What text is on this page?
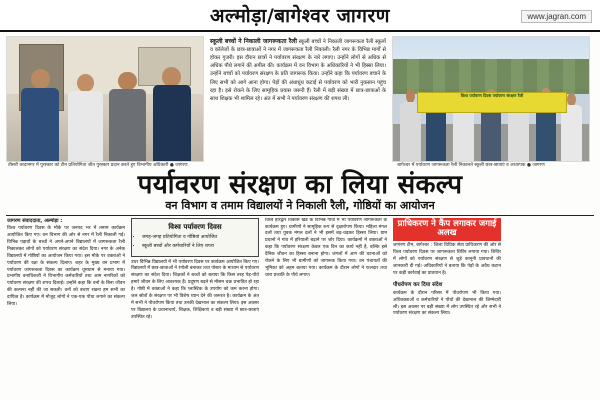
अल्मोड़ा/बागेश्वर जागरण	www.jagran.com
स्कूली बच्चों ने निकाली जागरूकता रैली स्कूली बच्चों ने निकाली जागरूकता रैली स्कूलों व कॉलेजों के छात्र-छात्राओं ने नगर में जागरूकता रैली निकाली। रैली नगर के विभिन्न मार्गों से होकर गुजरी। इस दौरान छात्रों ने पर्यावरण संरक्षण के नारे लगाए। उन्होंने लोगों से अधिक से अधिक पौधे लगाने की अपील की। कार्यक्रम में वन विभाग के अधिकारियों ने भी हिस्सा लिया। उन्होंने बच्चों को पर्यावरण संरक्षण के प्रति जागरूक किया। उन्होंने कहा कि पर्यावरण बचाने के लिए सभी को आगे आना होगा। पेड़ों की अंधाधुंध कटाई से पर्यावरण को भारी नुकसान पहुंच रहा है। इसे रोकने के लिए सामूहिक प्रयास जरूरी हैं। रैली में बड़ी संख्या में छात्र-छात्राओं के साथ शिक्षक भी शामिल रहे। अंत में सभी ने पर्यावरण संरक्षण की शपथ ली।
विश्व पर्यावरण दिवस पर्यावरण संरक्षण रैली
तीसरी वरदानगर में पुरस्कार को टीम प्रतियोगिता जीत पुरस्कार प्रदान करते हुए विभागीय अधिकारी ● जागरण	बागेश्वर में पर्यावरण जागरूकता रैली निकालते स्कूली छात्र-छात्राएं व अध्यापक ● जागरण
पर्यावरण संरक्षण का लिया संकल्प
वन विभाग व तमाम विद्यालयों ने निकाली रैली, गोष्ठियों का आयोजन
जागरण संवाददाता, अल्मोड़ा :
विश्व पर्यावरण दिवस के मौके पर जनपद भर में तमाम कार्यक्रम आयोजित किए गए। वन विभाग की ओर से नगर में रैली निकाली गई। विभिन्न पड़ावों के बच्चों ने अपने-अपने विद्यालयों में जागरूकता रैली निकालकर लोगों को पर्यावरण संरक्षण का संदेश दिया। नगर के अनेक विद्यालयों में गोष्ठियों का आयोजन किया गया। इस मौके पर वक्ताओं ने पर्यावरण की रक्षा के संकल्प दिलाए। शहर के मुख्य वन प्रभाग में पर्यावरण जागरूकता दिवस का कार्यक्रम धूमधाम से मनाया गया। प्रभागीय वनाधिकारी ने विभागीय कर्मचारियों तथा आम नागरिकों को पर्यावरण संरक्षण की शपथ दिलाई। उन्होंने कहा कि वनों के बिना जीवन की कल्पना नहीं की जा सकती। वनों को बचाए रखना हम सभी का दायित्व है। कार्यक्रम में मौजूद लोगों ने एक-एक पौधा लगाने का संकल्प लिया।
विश्व पर्यावरण दिवस
• जगह-जगह प्रतियोगिता व गोष्ठियां आयोजित
• स्कूली बच्चों और कर्मचारियों ने लिए शपथ
उधर विभिन्न विद्यालयों में भी पर्यावरण दिवस पर कार्यक्रम आयोजित किए गए। विद्यालयों में छात्र-छात्राओं ने रंगोली बनाकर तथा पोस्टर के माध्यम से पर्यावरण संरक्षण का संदेश दिया। शिक्षकों ने बच्चों को बताया कि किस तरह पेड़-पौधे हमारे जीवन के लिए आवश्यक हैं। प्रदूषण बढ़ने से मौसम चक्र प्रभावित हो रहा है। गोष्ठी में वक्ताओं ने कहा कि प्लास्टिक के उपयोग को कम करना होगा। जल स्रोतों के संरक्षण पर भी विशेष ध्यान देने की जरूरत है। कार्यक्रम के अंत में सभी ने पौधरोपण किया तथा उनकी देखभाल का संकल्प लिया। इस अवसर पर विद्यालय के प्रधानाचार्य, शिक्षक, शिक्षिकाएं व बड़ी संख्या में छात्र-छात्राएं उपस्थित रहे।
विश्व हरिद्वार विकास खंड के विभिन्न गांवों में भी पर्यावरण जागरूकता के कार्यक्रम हुए। ग्रामीणों ने सामूहिक रूप से वृक्षारोपण किया। महिला मंगल दलों तथा युवक मंगल दलों ने भी इसमें बढ़-चढ़कर हिस्सा लिया। ग्राम प्रधानों ने गांव में हरियाली बढ़ाने पर जोर दिया। कार्यक्रमों में वक्ताओं ने कहा कि पर्यावरण संरक्षण केवल एक दिन का कार्य नहीं है, बल्कि इसे दैनिक जीवन का हिस्सा बनाना होगा। जंगलों में आग की घटनाओं को रोकने के लिए भी ग्रामीणों को जागरूक किया गया। वन पंचायतों की भूमिका को अहम बताया गया। कार्यक्रम के दौरान लोगों ने फलदार तथा चारा प्रजाति के पौधे लगाए।
प्राधिकरण ने कैंप लगाकर जगाई अलख
जागरण टीम, बागेश्वर : जिला विधिक सेवा प्राधिकरण की ओर से विश्व पर्यावरण दिवस पर जागरूकता शिविर लगाया गया। शिविर में लोगों को पर्यावरण संरक्षण से जुड़े कानूनी प्रावधानों की जानकारी दी गई। अधिकारियों ने बताया कि पेड़ों के अवैध कटान पर कड़ी कार्रवाई का प्रावधान है।
पौधरोपण कर दिया संदेश
कार्यक्रम के दौरान परिसर में पौधरोपण भी किया गया। अधिवक्ताओं व कर्मचारियों ने पौधों की देखभाल की जिम्मेदारी ली। इस अवसर पर बड़ी संख्या में लोग उपस्थित रहे और सभी ने पर्यावरण संरक्षण का संकल्प लिया।
